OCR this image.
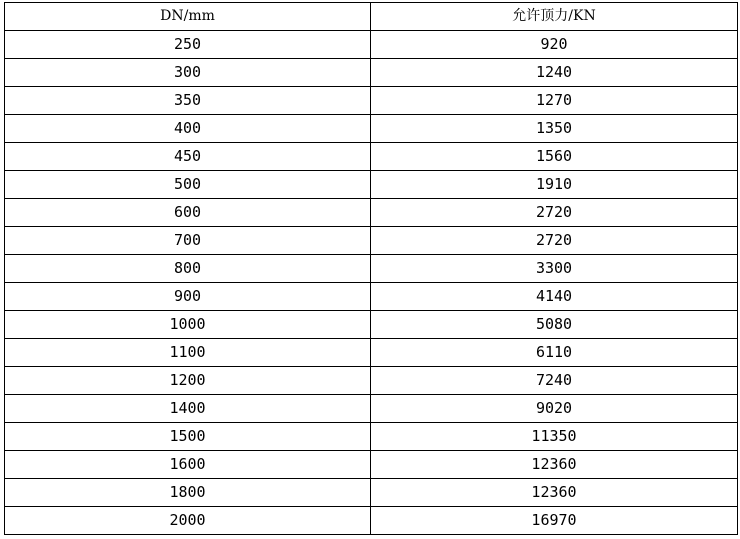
DN/mm	允许顶力/KN
250	920
300	1240
350	1270
400	1350
450	1560
500	1910
600	2720
700	2720
800	3300
900	4140
1000	5080
1100	6110
1200	7240
1400	9020
1500	11350
1600	12360
1800	12360
2000	16970
